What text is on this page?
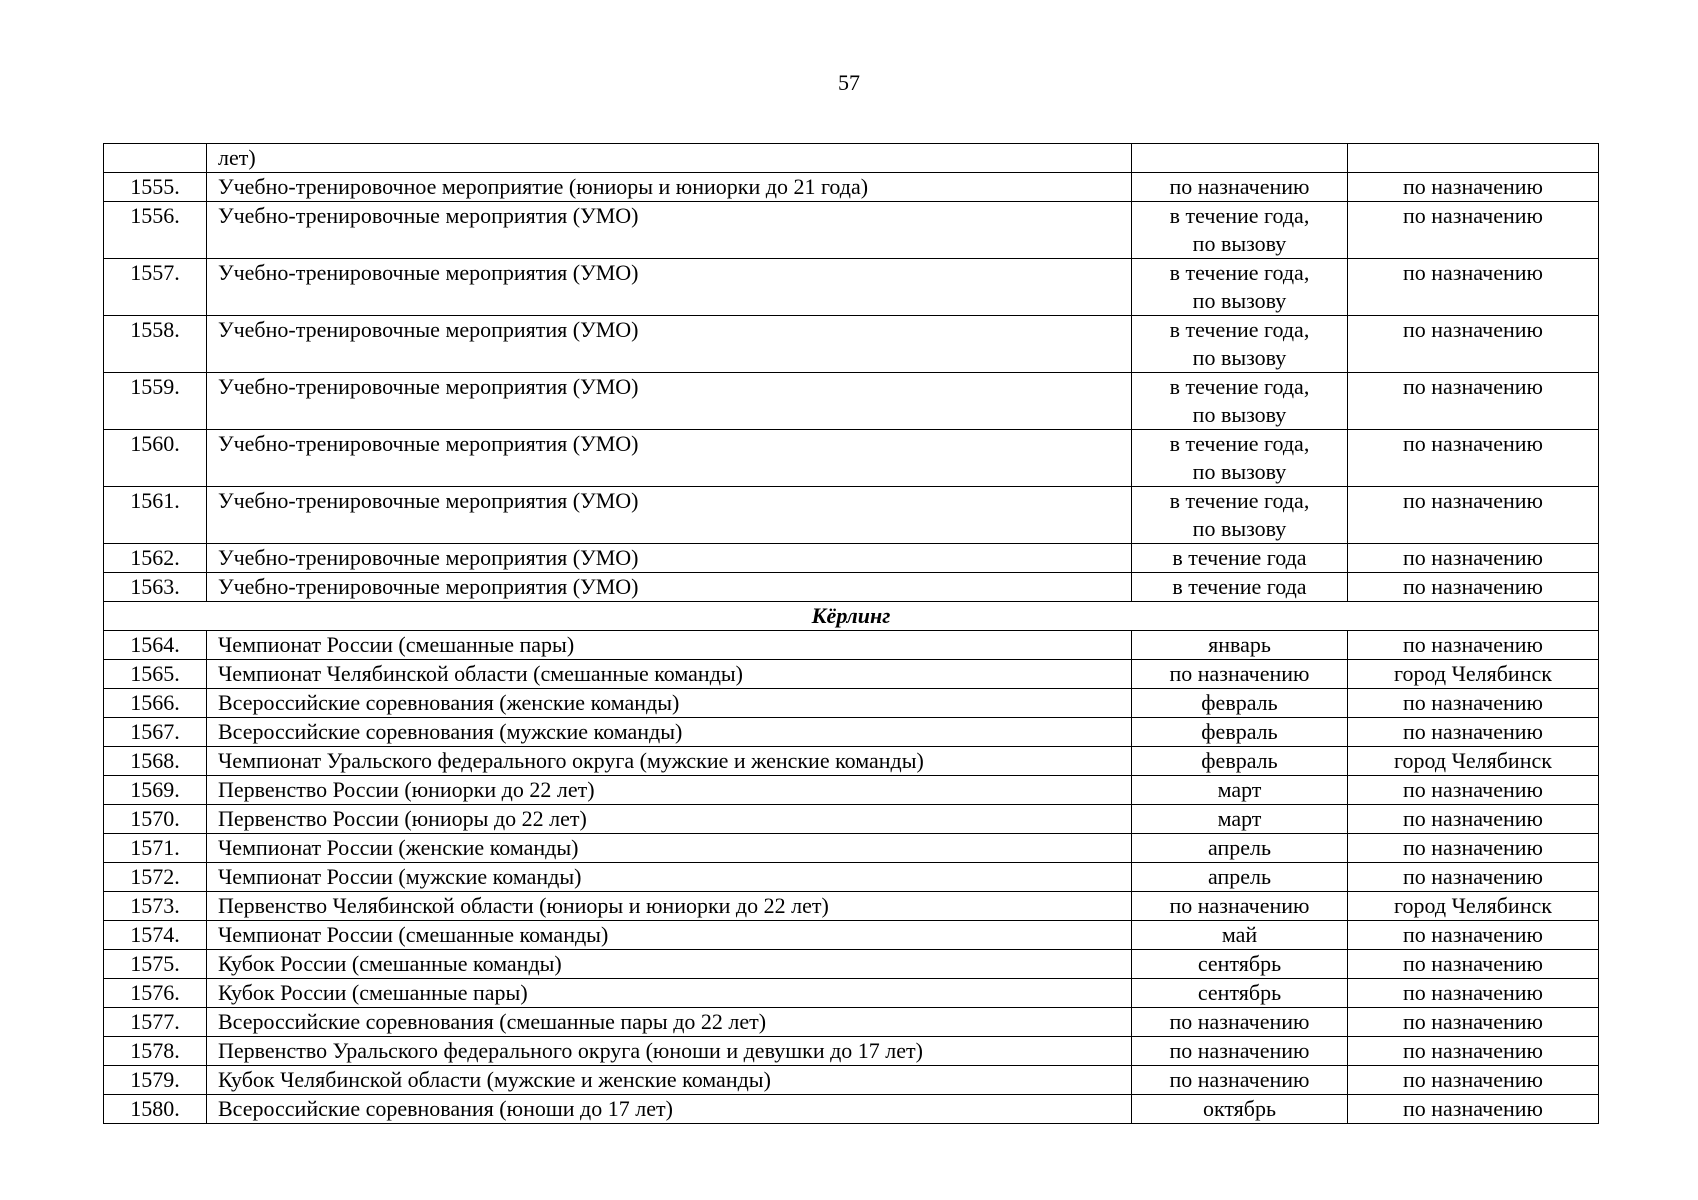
57
	лет)		
1555.	Учебно-тренировочное мероприятие (юниоры и юниорки до 21 года)	по назначению	по назначению
1556.	Учебно-тренировочные мероприятия (УМО)	в течение года,
по вызову	по назначению
1557.	Учебно-тренировочные мероприятия (УМО)	в течение года,
по вызову	по назначению
1558.	Учебно-тренировочные мероприятия (УМО)	в течение года,
по вызову	по назначению
1559.	Учебно-тренировочные мероприятия (УМО)	в течение года,
по вызову	по назначению
1560.	Учебно-тренировочные мероприятия (УМО)	в течение года,
по вызову	по назначению
1561.	Учебно-тренировочные мероприятия (УМО)	в течение года,
по вызову	по назначению
1562.	Учебно-тренировочные мероприятия (УМО)	в течение года	по назначению
1563.	Учебно-тренировочные мероприятия (УМО)	в течение года	по назначению
Кёрлинг			
1564.	Чемпионат России (смешанные пары)	январь	по назначению
1565.	Чемпионат Челябинской области (смешанные команды)	по назначению	город Челябинск
1566.	Всероссийские соревнования (женские команды)	февраль	по назначению
1567.	Всероссийские соревнования (мужские команды)	февраль	по назначению
1568.	Чемпионат Уральского федерального округа (мужские и женские команды)	февраль	город Челябинск
1569.	Первенство России (юниорки до 22 лет)	март	по назначению
1570.	Первенство России (юниоры до 22 лет)	март	по назначению
1571.	Чемпионат России (женские команды)	апрель	по назначению
1572.	Чемпионат России (мужские команды)	апрель	по назначению
1573.	Первенство Челябинской области (юниоры и юниорки до 22 лет)	по назначению	город Челябинск
1574.	Чемпионат России (смешанные команды)	май	по назначению
1575.	Кубок России (смешанные команды)	сентябрь	по назначению
1576.	Кубок России (смешанные пары)	сентябрь	по назначению
1577.	Всероссийские соревнования (смешанные пары до 22 лет)	по назначению	по назначению
1578.	Первенство Уральского федерального округа (юноши и девушки до 17 лет)	по назначению	по назначению
1579.	Кубок Челябинской области (мужские и женские команды)	по назначению	по назначению
1580.	Всероссийские соревнования (юноши до 17 лет)	октябрь	по назначению
